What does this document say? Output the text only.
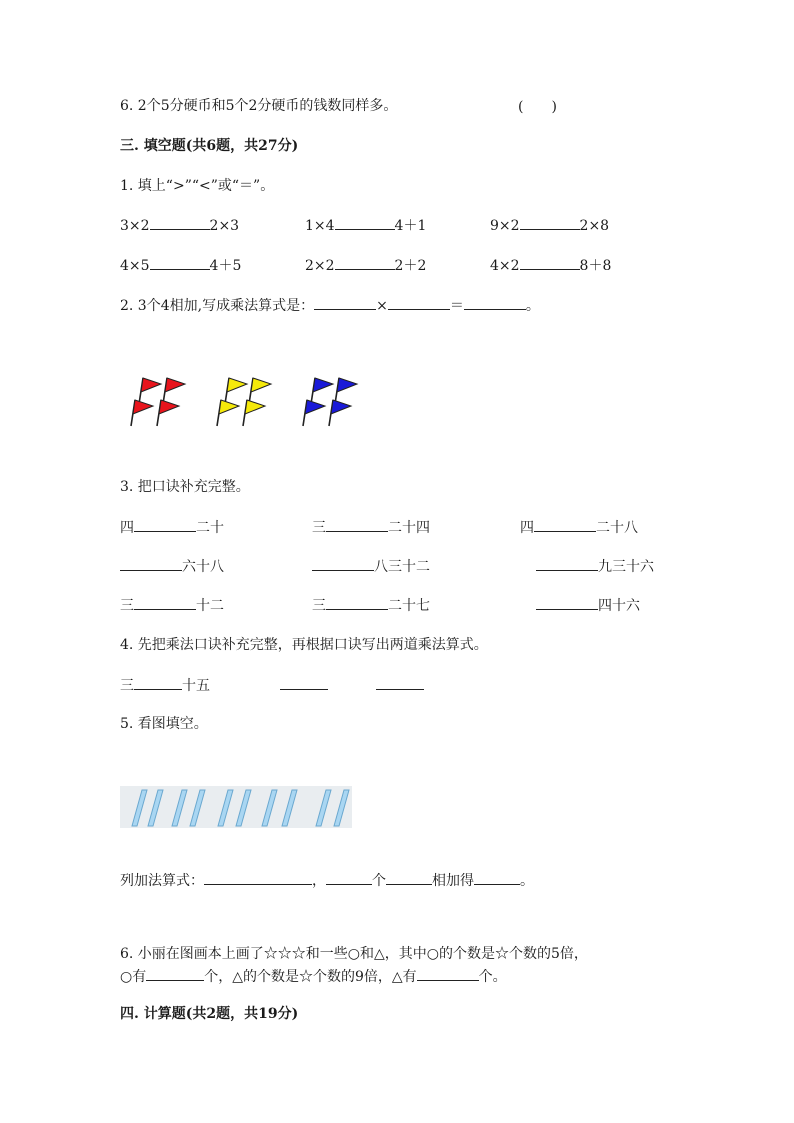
6. 2个5分硬币和5个2分硬币的钱数同样多。	(　　)
三. 填空题(共6题，共27分)
1. 填上“>”“<”或“＝”。
3×2	2×3	1×4	4＋1	9×2	2×8
4×5	4＋5	2×2	2＋2	4×2	8＋8
2. 3个4相加,写成乘法算式是：	×	＝	。
3. 把口诀补充完整。
四	二十	三	二十四	四	二十八
六十八	八三十二	九三十六
三	十二	三	二十七	四十六
4. 先把乘法口诀补充完整，再根据口诀写出两道乘法算式。
三	十五
5. 看图填空。
列加法算式：	，	个	相加得	。
6. 小丽在图画本上画了☆☆☆和一些○和△，其中○的个数是☆个数的5倍，
○有	个，△的个数是☆个数的9倍，△有	个。
四. 计算题(共2题，共19分)
